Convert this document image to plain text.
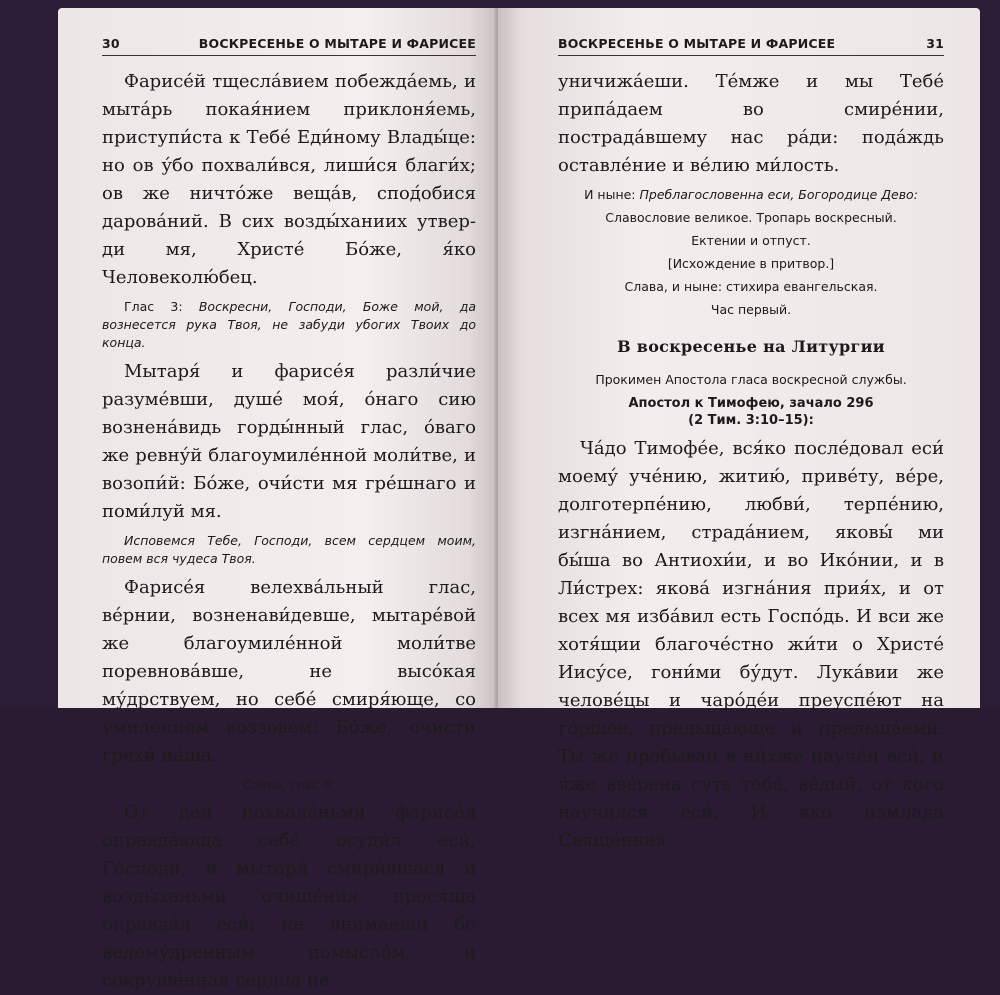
30	ВОСКРЕСЕНЬЕ О МЫТАРЕ И ФАРИСЕЕ

Фарисе́й тщесла́вием побежда́емь, и мыта́рь покая́нием приклоня́емь, приступи́ста к Тебе́ Еди́ному Влады́це: но ов у́бо похвали́вся, лиши́ся благи́х; ов же ничто́же веща́в, спод́обися дарова́ний. В сих возды́ханиих утвер-ди мя, Христе́ Бо́же, я́ко Человеколю́бец.

Глас 3: Воскресни, Господи, Боже мой, да вознесется рука Твоя, не забуди убогих Твоих до конца.

Мытаря́ и фарисе́я разли́чие разуме́вши, душе́ моя́, о́наго сию вознена́видь горды́нный глас, о́ваго же ревну́й благоумиле́нной моли́тве, и возопи́й: Бо́же, очи́сти мя гре́шнаго и поми́луй мя.

Исповемся Тебе, Господи, всем сердцем моим, повем вся чудеса Твоя.

Фарисе́я велехва́льный глас, ве́рнии, возненави́девше, мытаре́вой же благоумиле́нной моли́тве поревнова́вше, не высо́кая му́дрствуем, но себе́ смиря́юще, со умиле́нием воззове́м: Бо́же, очи́сти грехи́ на́ша.

Слава, глас 8:

От дел похвале́ньми фарисе́я оправда́юща себе́ осуди́л еси́, Го́споди, и мытаря́ смири́вшася и возды́ханьми очище́ния прося́ща оправда́л еси́: не внима́еши бо велему́дренным помысло́м, и сокруше́нная сердца́ не

ВОСКРЕСЕНЬЕ О МЫТАРЕ И ФАРИСЕЕ	31

уничижа́еши. Те́мже и мы Тебе́ припа́даем во смире́нии, пострада́вшему нас ра́ди: пода́ждь оставле́ние и ве́лию ми́лость.

И ныне: Преблагословенна еси, Богородице Дево:

Славословие великое. Тропарь воскресный.

Ектении и отпуст.

[Исхождение в притвор.]

Слава, и ныне: стихира евангельская.

Час первый.

В воскресенье на Литургии

Прокимен Апостола гласа воскресной службы.

Апостол к Тимофею, зачало 296
(2 Тим. 3:10–15):

Ча́до Тимофе́е, вся́ко после́довал еси́ моему́ уче́нию, житию́, приве́ту, ве́ре, долготерпе́нию, любви́, терпе́нию, изгна́нием, страда́нием, яковы́ ми бы́ша во Антиохи́и, и во Ико́нии, и в Ли́стрех: якова́ изгна́ния прия́х, и от всех мя изба́вил есть Госпо́дь. И вси же хотя́щии благоче́стно жи́ти о Христе́ Иису́се, гони́ми бу́дут. Лука́вии же челове́цы и чаро́дéи преуспе́ют на го́ршее, прельща́юще и прельща́еми. Ты же пребыва́й в ни́хже науче́н еси́, и я́же вве́рена суть тебе́, ве́дый, от кого научи́лся еси́. И я́ко измла́да Свяще́нная
